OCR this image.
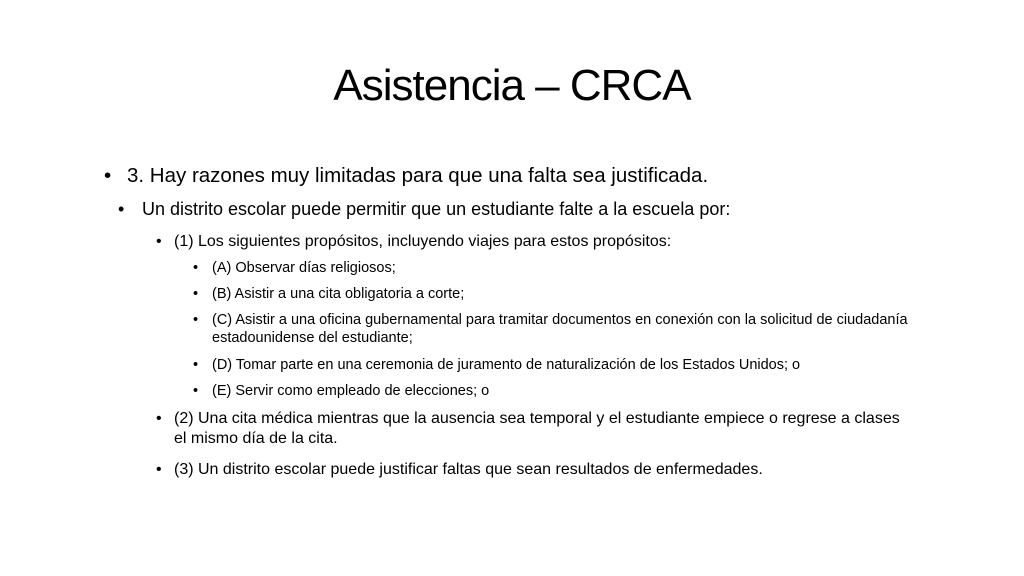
Asistencia – CRCA
• 3. Hay razones muy limitadas para que una falta sea justificada.
• Un distrito escolar puede permitir que un estudiante falte a la escuela por:
• (1) Los siguientes propósitos, incluyendo viajes para estos propósitos:
• (A) Observar días religiosos;
• (B) Asistir a una cita obligatoria a corte;
• (C) Asistir a una oficina gubernamental para tramitar documentos en conexión con la solicitud de ciudadanía estadounidense del estudiante;
• (D) Tomar parte en una ceremonia de juramento de naturalización de los Estados Unidos; o
• (E) Servir como empleado de elecciones; o
• (2) Una cita médica mientras que la ausencia sea temporal y el estudiante empiece o regrese a clases el mismo día de la cita.
• (3) Un distrito escolar puede justificar faltas que sean resultados de enfermedades.
